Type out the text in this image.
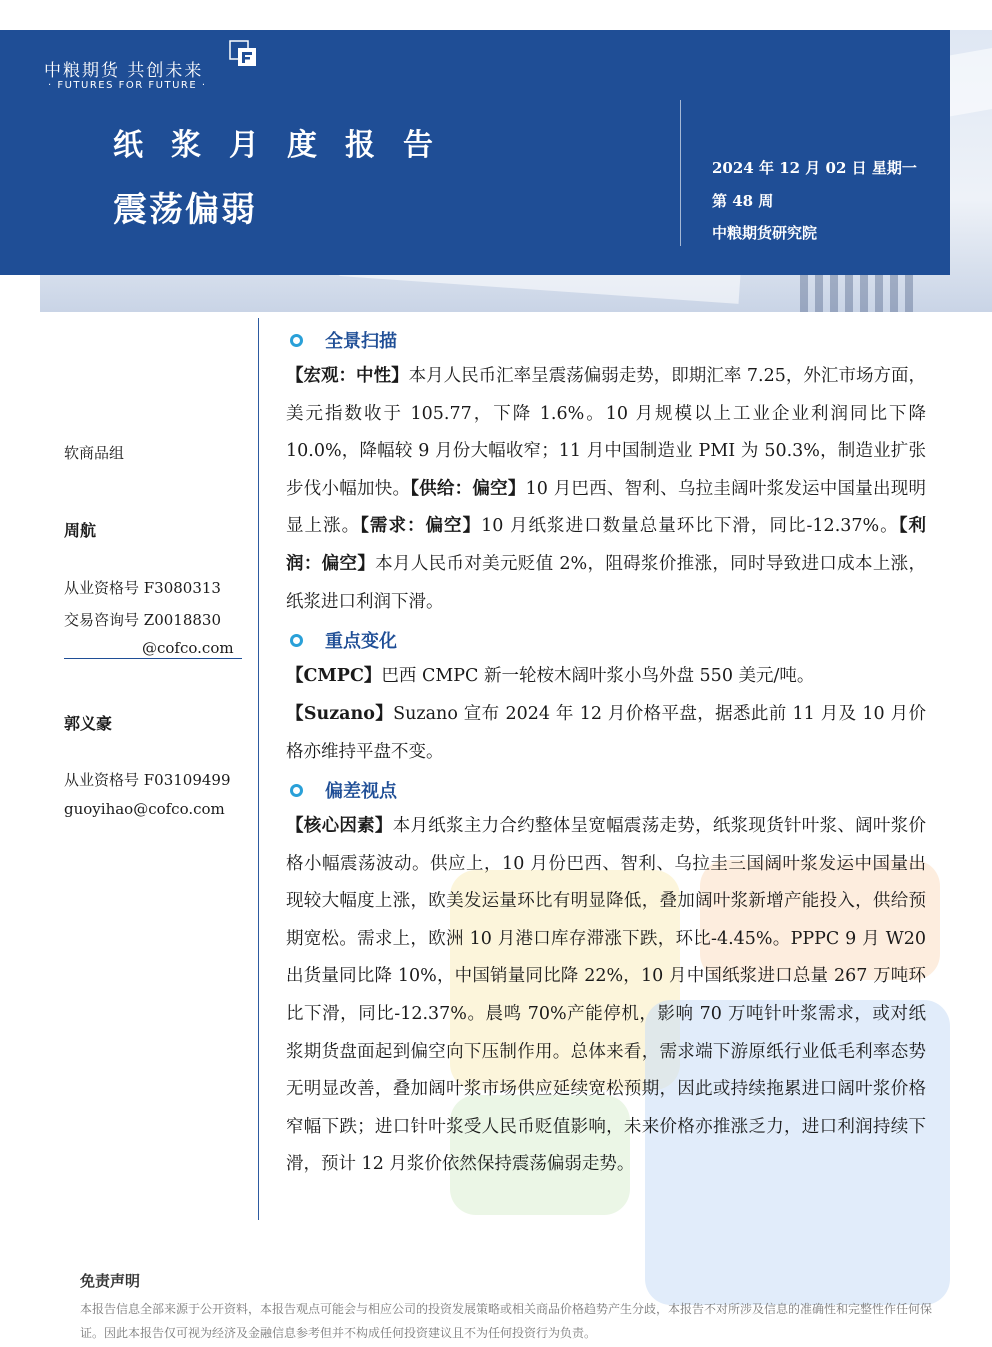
中粮期货 共创未来
· FUTURES FOR FUTURE ·
纸浆月度报告
震荡偏弱
2024 年 12 月 02 日 星期一
第 48 周
中粮期货研究院
软商品组
周航
从业资格号 F3080313
交易咨询号 Z0018830
@cofco.com
郭义豪
从业资格号 F03109499
guoyihao@cofco.com
全景扫描
【宏观：中性】本月人民币汇率呈震荡偏弱走势，即期汇率 7.25，外汇市场方面，美元指数收于 105.77，下降 1.6%。10 月规模以上工业企业利润同比下降 10.0%，降幅较 9 月份大幅收窄；11 月中国制造业 PMI 为 50.3%，制造业扩张步伐小幅加快。【供给：偏空】10 月巴西、智利、乌拉圭阔叶浆发运中国量出现明显上涨。【需求：偏空】10 月纸浆进口数量总量环比下滑，同比-12.37%。【利润：偏空】本月人民币对美元贬值 2%，阻碍浆价推涨，同时导致进口成本上涨，纸浆进口利润下滑。
重点变化
【CMPC】巴西 CMPC 新一轮桉木阔叶浆小鸟外盘 550 美元/吨。
【Suzano】Suzano 宣布 2024 年 12 月价格平盘，据悉此前 11 月及 10 月价格亦维持平盘不变。
偏差视点
【核心因素】本月纸浆主力合约整体呈宽幅震荡走势，纸浆现货针叶浆、阔叶浆价格小幅震荡波动。供应上，10 月份巴西、智利、乌拉圭三国阔叶浆发运中国量出现较大幅度上涨，欧美发运量环比有明显降低，叠加阔叶浆新增产能投入，供给预期宽松。需求上，欧洲 10 月港口库存滞涨下跌，环比-4.45%。PPPC 9 月 W20 出货量同比降 10%，中国销量同比降 22%，10 月中国纸浆进口总量 267 万吨环比下滑，同比-12.37%。晨鸣 70%产能停机，影响 70 万吨针叶浆需求，或对纸浆期货盘面起到偏空向下压制作用。总体来看，需求端下游原纸行业低毛利率态势无明显改善，叠加阔叶浆市场供应延续宽松预期，因此或持续拖累进口阔叶浆价格窄幅下跌；进口针叶浆受人民币贬值影响，未来价格亦推涨乏力，进口利润持续下滑，预计 12 月浆价依然保持震荡偏弱走势。
免责声明
本报告信息全部来源于公开资料，本报告观点可能会与相应公司的投资发展策略或相关商品价格趋势产生分歧，本报告不对所涉及信息的准确性和完整性作任何保证。因此本报告仅可视为经济及金融信息参考但并不构成任何投资建议且不为任何投资行为负责。
